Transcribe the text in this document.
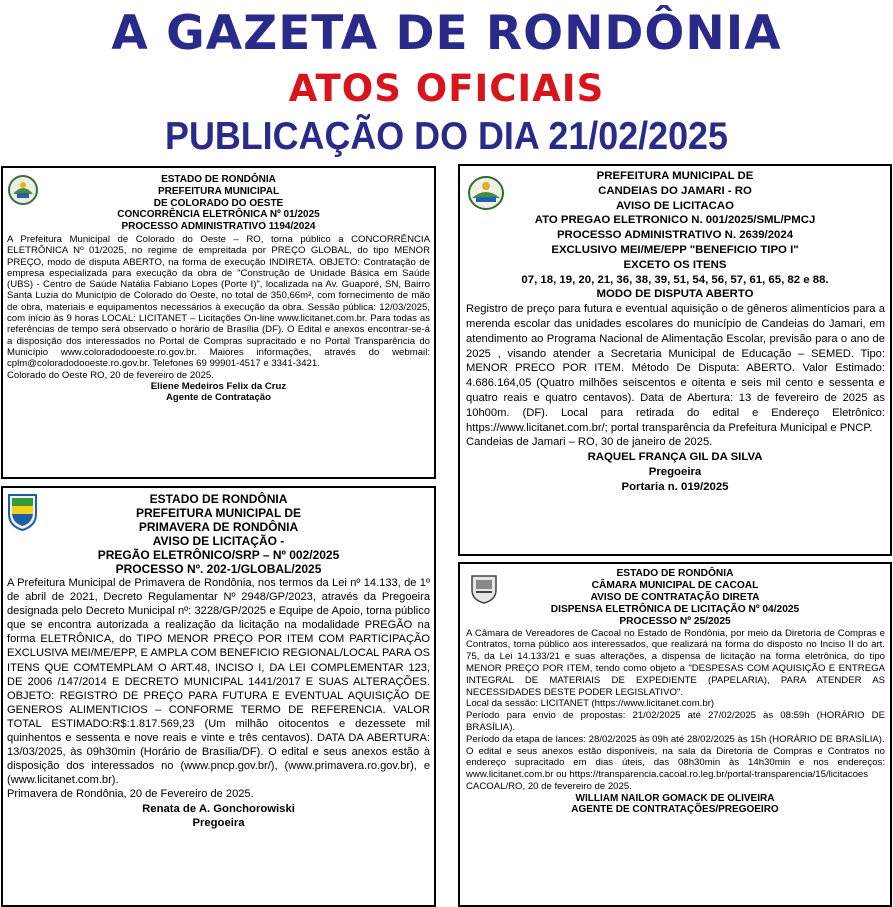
A GAZETA DE RONDÔNIA
ATOS OFICIAIS
PUBLICAÇÃO DO DIA 21/02/2025
ESTADO DE RONDÔNIA
PREFEITURA MUNICIPAL
DE COLORADO DO OESTE
CONCORRÊNCIA ELETRÔNICA Nº 01/2025
PROCESSO ADMINISTRATIVO 1194/2024

A Prefeitura Municipal de Colorado do Oeste – RO, torna público a CONCORRÊNCIA ELETRÔNICA Nº 01/2025, no regime de empreitada por PREÇO GLOBAL, do tipo MENOR PREÇO, modo de disputa ABERTO, na forma de execução INDIRETA. OBJETO: Contratação de empresa especializada para execução da obra de "Construção de Unidade Básica em Saúde (UBS) - Centro de Saúde Natália Fabiano Lopes (Porte I)", localizada na Av. Guaporé, SN, Bairro Santa Luzia do Município de Colorado do Oeste, no total de 350,66m², com fornecimento de mão de obra, materiais e equipamentos necessários à execução da obra. Sessão pública: 12/03/2025, com início às 9 horas LOCAL: LICITANET – Licitações On-line www.licitanet.com.br. Para todas as referências de tempo será observado o horário de Brasília (DF). O Edital e anexos encontrar-se-á a disposição dos interessados no Portal de Compras supracitado e no Portal Transparência do Município www.coloradodooeste.ro.gov.br. Maiores informações, através do webmail: cplm@coloradodooeste.ro.gov.br. Telefones 69 99901-4517 e 3341-3421.

Colorado do Oeste RO, 20 de fevereiro de 2025.

Eliene Medeiros Felix da Cruz
Agente de Contratação
ESTADO DE RONDÔNIA
PREFEITURA MUNICIPAL DE
PRIMAVERA DE RONDÔNIA
AVISO DE LICITAÇÃO -
PREGÃO ELETRÔNICO/SRP – Nº 002/2025
PROCESSO Nº. 202-1/GLOBAL/2025

A Prefeitura Municipal de Primavera de Rondônia, nos termos da Lei nº 14.133, de 1º de abril de 2021, Decreto Regulamentar Nº 2948/GP/2023, através da Pregoeira designada pelo Decreto Municipal nº: 3228/GP/2025 e Equipe de Apoio, torna público que se encontra autorizada a realização da licitação na modalidade PREGÃO na forma ELETRÔNICA, do TIPO MENOR PREÇO POR ITEM COM PARTICIPAÇÃO EXCLUSIVA MEI/ME/EPP, E AMPLA COM BENEFICIO REGIONAL/LOCAL PARA OS ITENS QUE COMTEMPLAM O ART.48, INCISO I, DA LEI COMPLEMENTAR 123, DE 2006 /147/2014 E DECRETO MUNICIPAL 1441/2017 E SUAS ALTERAÇÕES. OBJETO: REGISTRO DE PREÇO PARA FUTURA E EVENTUAL AQUISIÇÃO DE GENEROS ALIMENTICIOS – CONFORME TERMO DE REFERENCIA. VALOR TOTAL ESTIMADO:R$:1.817.569,23 (Um milhão oitocentos e dezessete mil quinhentos e sessenta e nove reais e vinte e três centavos). DATA DA ABERTURA: 13/03/2025, às 09h30min (Horário de Brasília/DF). O edital e seus anexos estão à disposição dos interessados no (www.pncp.gov.br/), (www.primavera.ro.gov.br), e (www.licitanet.com.br).

Primavera de Rondônia, 20 de Fevereiro de 2025.

Renata de A. Gonchorowiski
Pregoeira
PREFEITURA MUNICIPAL DE
CANDEIAS DO JAMARI - RO
AVISO DE LICITACAO
ATO PREGAO ELETRONICO N. 001/2025/SML/PMCJ
PROCESSO ADMINISTRATIVO N. 2639/2024
EXCLUSIVO MEI/ME/EPP "BENEFICIO TIPO I"
EXCETO OS ITENS
07, 18, 19, 20, 21, 36, 38, 39, 51, 54, 56, 57, 61, 65, 82 e 88.
MODO DE DISPUTA ABERTO

Registro de preço para futura e eventual aquisição o de gêneros alimentícios para a merenda escolar das unidades escolares do município de Candeias do Jamari, em atendimento ao Programa Nacional de Alimentação Escolar, previsão para o ano de 2025 , visando atender a Secretaria Municipal de Educação – SEMED. Tipo: MENOR PRECO POR ITEM. Método De Disputa: ABERTO. Valor Estimado: 4.686.164,05 (Quatro milhões seiscentos e oitenta e seis mil cento e sessenta e quatro reais e quatro centavos). Data de Abertura: 13 de fevereiro de 2025 as 10h00m. (DF). Local para retirada do edital e Endereço Eletrônico: https://www.licitanet.com.br/; portal transparência da Prefeitura Municipal e PNCP.

Candeias de Jamari – RO, 30 de janeiro de 2025.

RAQUEL FRANÇA GIL DA SILVA
Pregoeira
Portaria n. 019/2025
ESTADO DE RONDÔNIA
CÂMARA MUNICIPAL DE CACOAL
AVISO DE CONTRATAÇÃO DIRETA
DISPENSA ELETRÔNICA DE LICITAÇÃO Nº 04/2025
PROCESSO Nº 25/2025

A Câmara de Vereadores de Cacoal no Estado de Rondônia, por meio da Diretoria de Compras e Contratos, torna público aos interessados, que realizará na forma do disposto no Inciso II do art. 75, da Lei 14.133/21 e suas alterações, a dispensa de licitação na forma eletrônica, do tipo MENOR PREÇO POR ITEM, tendo como objeto a "DESPESAS COM AQUISIÇÃO E ENTREGA INTEGRAL DE MATERIAIS DE EXPEDIENTE (PAPELARIA), PARA ATENDER AS NECESSIDADES DESTE PODER LEGISLATIVO".

Local da sessão: LICITANET (https://www.licitanet.com.br)

Período para envio de propostas: 21/02/2025 até 27/02/2025 às 08:59h (HORÁRIO DE BRASÍLIA).

Período da etapa de lances: 28/02/2025 às 09h até 28/02/2025 às 15h (HORÁRIO DE BRASÍLIA).

O edital e seus anexos estão disponíveis, na sala da Diretoria de Compras e Contratos no endereço supracitado em dias úteis, das 08h30min às 14h30min e nos endereços: www.licitanet.com.br ou https://transparencia.cacoal.ro.leg.br/portal-transparencia/15/licitacoes

CACOAL/RO, 20 de fevereiro de 2025.

WILLIAM NAILOR GOMACK DE OLIVEIRA
AGENTE DE CONTRATAÇÕES/PREGOEIRO
